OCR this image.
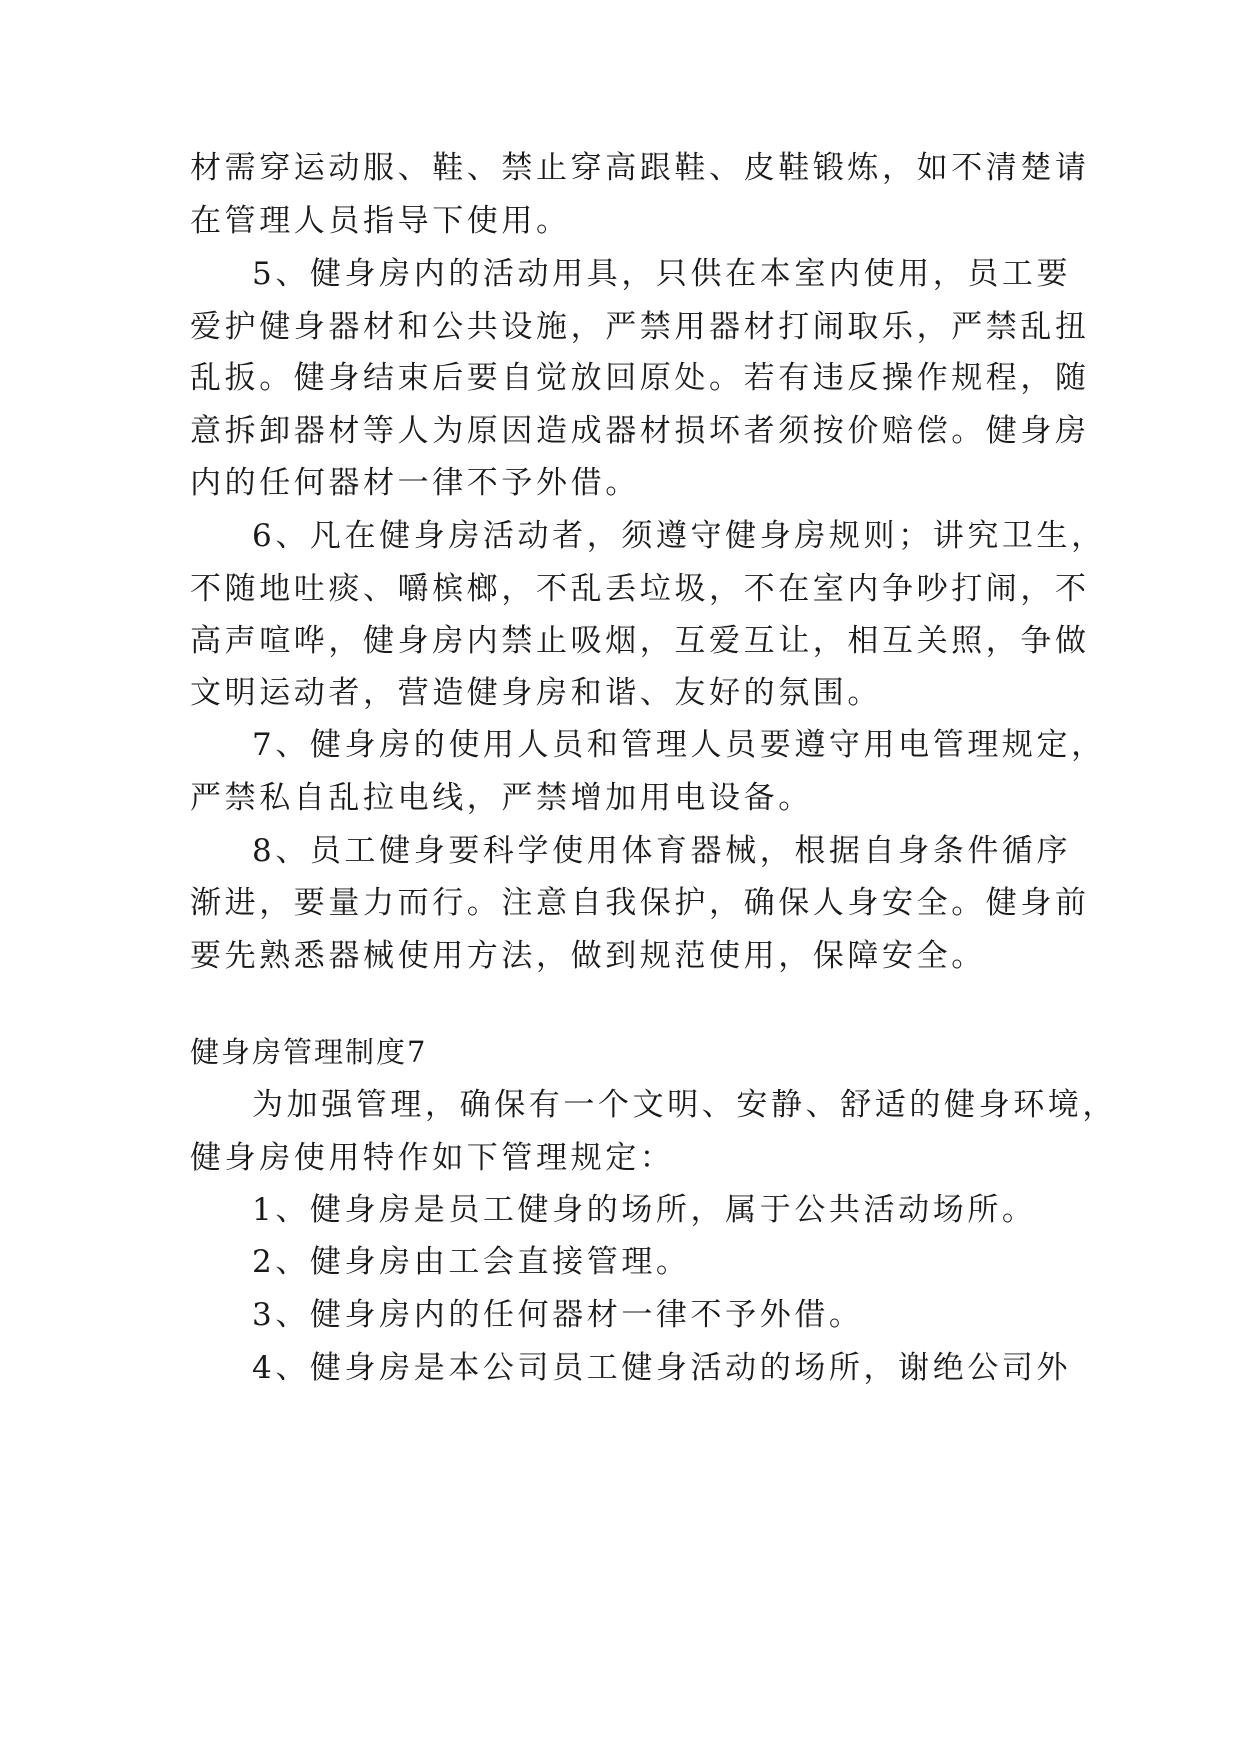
材需穿运动服、鞋、禁止穿高跟鞋、皮鞋锻炼，如不清楚请
在管理人员指导下使用。
5、健身房内的活动用具，只供在本室内使用，员工要
爱护健身器材和公共设施，严禁用器材打闹取乐，严禁乱扭
乱扳。健身结束后要自觉放回原处。若有违反操作规程，随
意拆卸器材等人为原因造成器材损坏者须按价赔偿。健身房
内的任何器材一律不予外借。
6、凡在健身房活动者，须遵守健身房规则；讲究卫生，
不随地吐痰、嚼槟榔，不乱丢垃圾，不在室内争吵打闹，不
高声喧哗，健身房内禁止吸烟，互爱互让，相互关照，争做
文明运动者，营造健身房和谐、友好的氛围。
7、健身房的使用人员和管理人员要遵守用电管理规定，
严禁私自乱拉电线，严禁增加用电设备。
8、员工健身要科学使用体育器械，根据自身条件循序
渐进，要量力而行。注意自我保护，确保人身安全。健身前
要先熟悉器械使用方法，做到规范使用，保障安全。
健身房管理制度7
为加强管理，确保有一个文明、安静、舒适的健身环境，
健身房使用特作如下管理规定：
1、健身房是员工健身的场所，属于公共活动场所。
2、健身房由工会直接管理。
3、健身房内的任何器材一律不予外借。
4、健身房是本公司员工健身活动的场所，谢绝公司外
